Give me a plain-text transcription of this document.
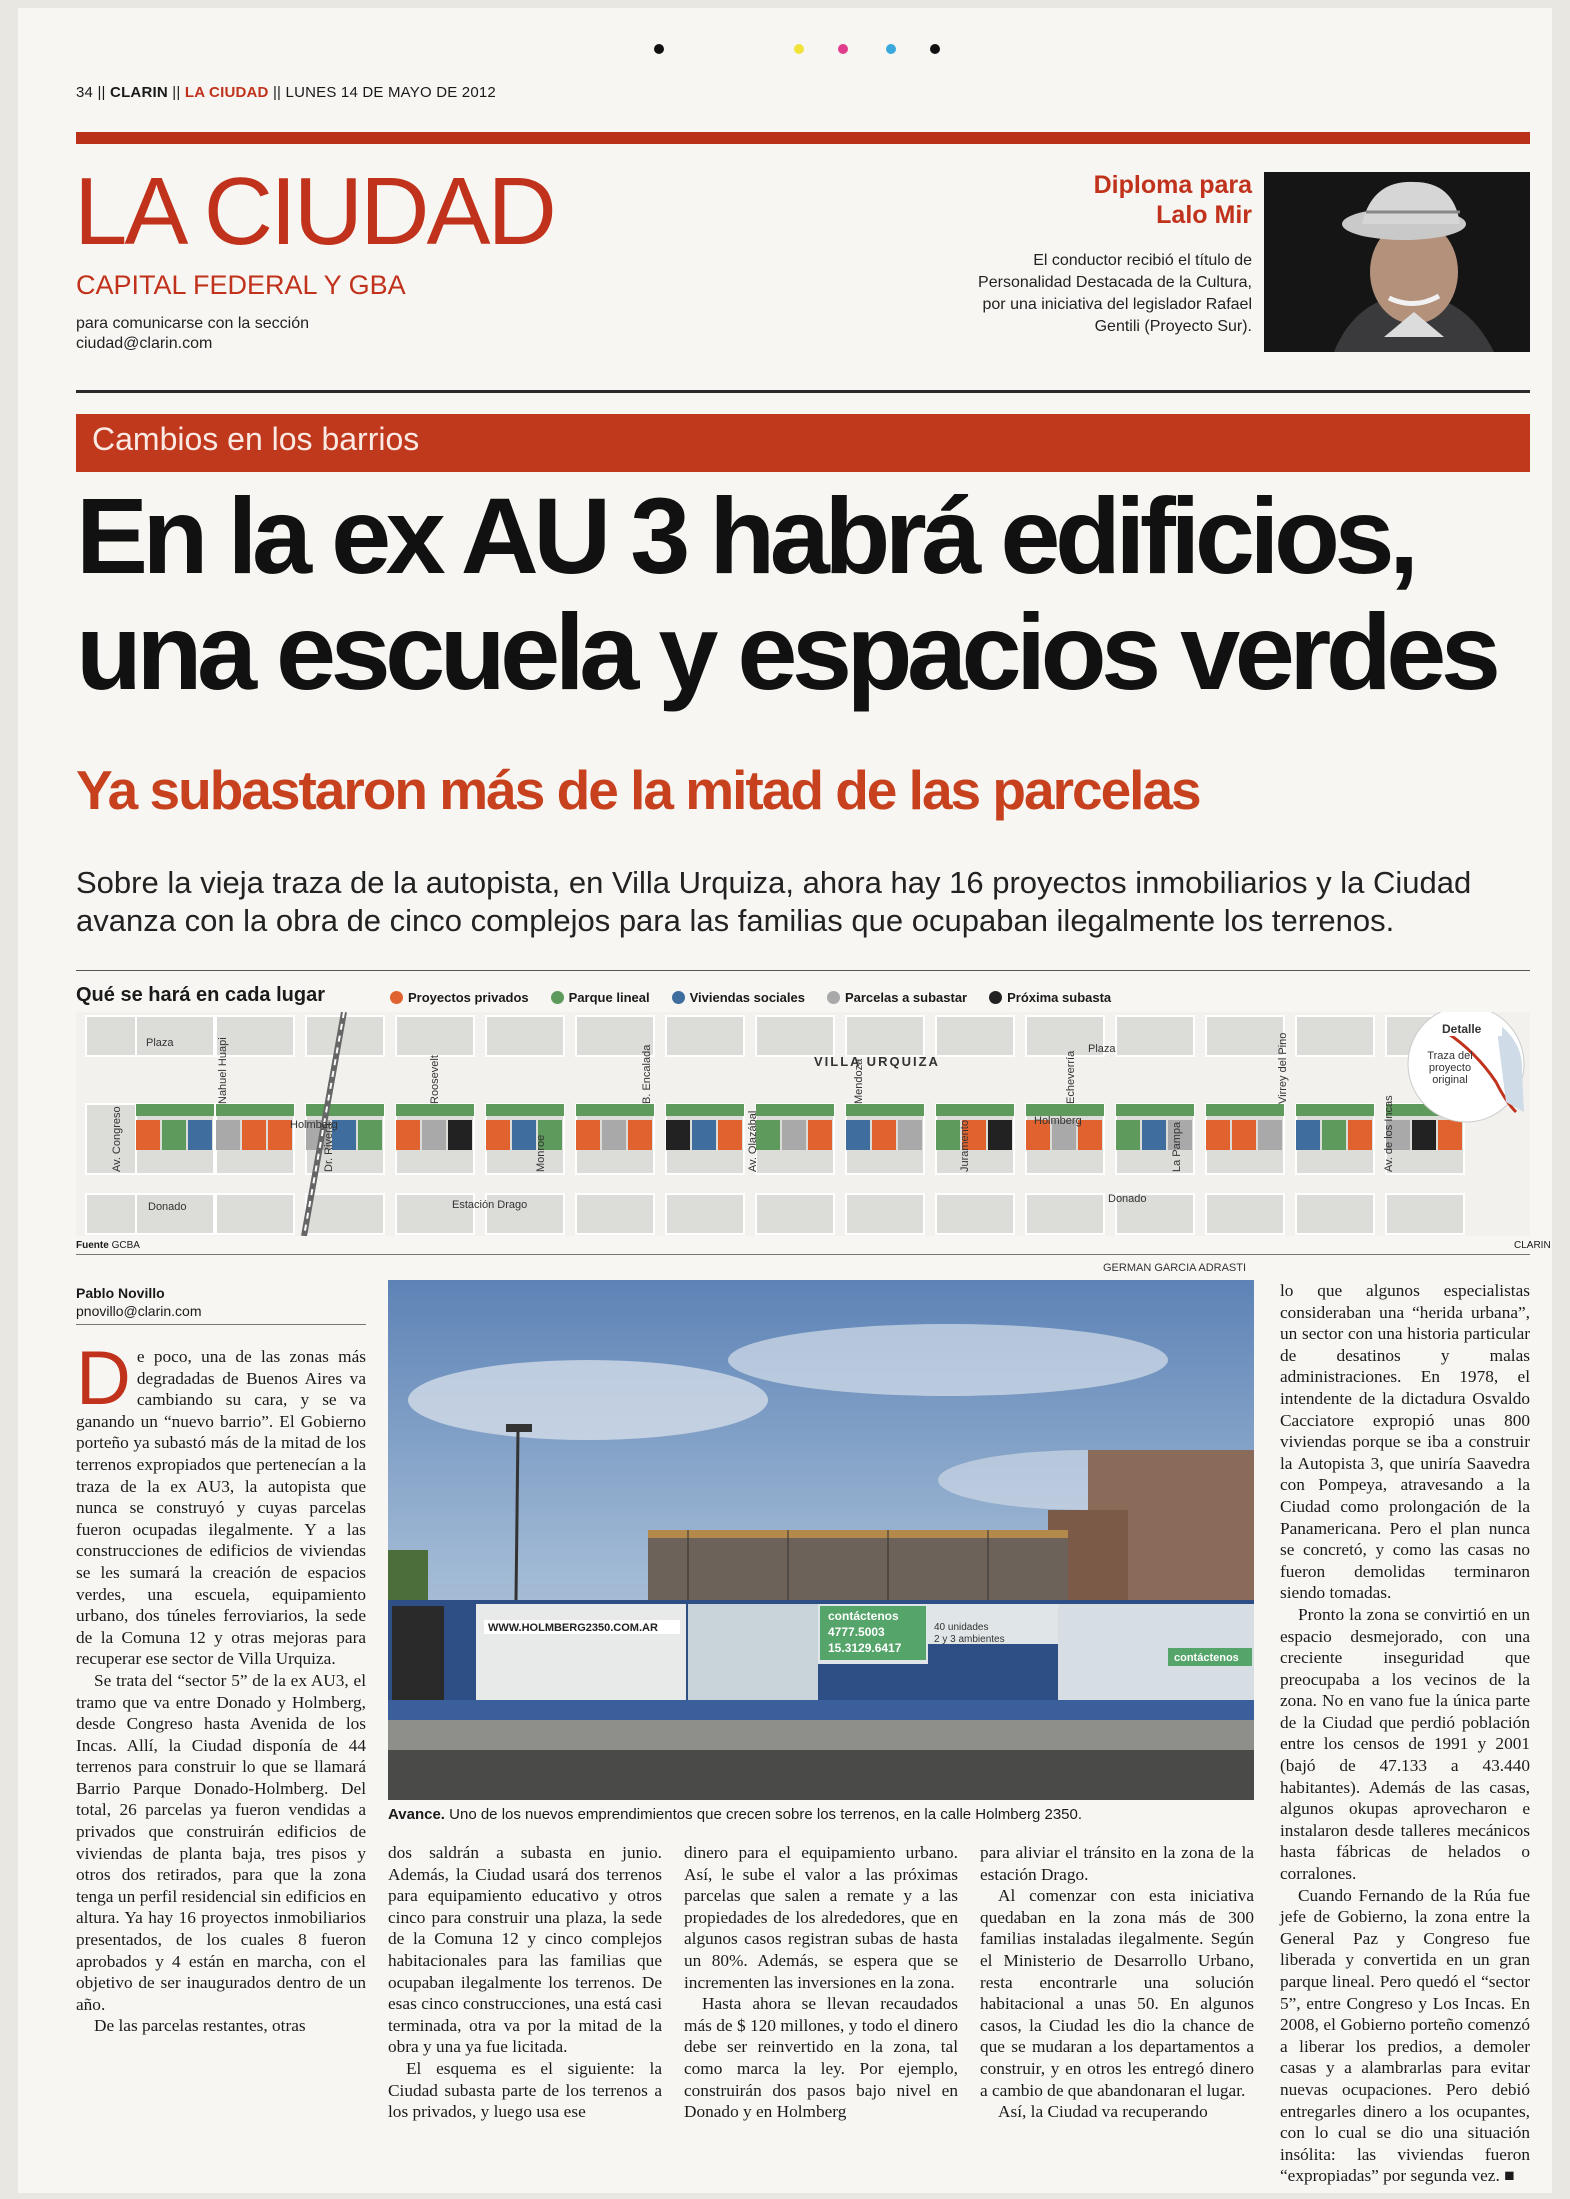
34 || CLARIN || LA CIUDAD || LUNES 14 DE MAYO DE 2012
LA CIUDAD
CAPITAL FEDERAL Y GBA
para comunicarse con la sección
ciudad@clarin.com
Diploma para
Lalo Mir
El conductor recibió el título de Personalidad Destacada de la Cultura, por una iniciativa del legislador Rafael Gentili (Proyecto Sur).
Cambios en los barrios
En la ex AU 3 habrá edificios,
una escuela y espacios verdes
Ya subastaron más de la mitad de las parcelas
Sobre la vieja traza de la autopista, en Villa Urquiza, ahora hay 16 proyectos inmobiliarios y la Ciudad
avanza con la obra de cinco complejos para las familias que ocupaban ilegalmente los terrenos.
Qué se hará en cada lugar	Proyectos privados	Parque lineal	Viviendas sociales	Parcelas a subastar	Próxima subasta
Plaza
Holmberg
Donado
Holmberg
Donado
Plaza
VILLA URQUIZA
Estación Drago
Av. Congreso
Nahuel Huapi
Dr. Rivera
Roosevelt
Monroe
B. Encalada
Av. Olazábal
Mendoza
Juramento
Echeverría
La Pampa
Virrey del Pino
Av. de los Incas
Detalle
Traza del proyecto original
Fuente GCBA	CLARIN
Pablo Novillo
pnovillo@clarin.com

De poco, una de las zonas más degradadas de Buenos Aires va cambiando su cara, y se va ganando un “nuevo barrio”. El Gobierno porteño ya subastó más de la mitad de los terrenos expropiados que pertenecían a la traza de la ex AU3, la autopista que nunca se construyó y cuyas parcelas fueron ocupadas ilegalmente. Y a las construcciones de edificios de viviendas se les sumará la creación de espacios verdes, una escuela, equipamiento urbano, dos túneles ferroviarios, la sede de la Comuna 12 y otras mejoras para recuperar ese sector de Villa Urquiza.

Se trata del “sector 5” de la ex AU3, el tramo que va entre Donado y Holmberg, desde Congreso hasta Avenida de los Incas. Allí, la Ciudad disponía de 44 terrenos para construir lo que se llamará Barrio Parque Donado-Holmberg. Del total, 26 parcelas ya fueron vendidas a privados que construirán edificios de viviendas de planta baja, tres pisos y otros dos retirados, para que la zona tenga un perfil residencial sin edificios en altura. Ya hay 16 proyectos inmobiliarios presentados, de los cuales 8 fueron aprobados y 4 están en marcha, con el objetivo de ser inaugurados dentro de un año.

De las parcelas restantes, otras

GERMAN GARCIA ADRASTI
WWW.HOLMBERG2350.COM.AR
contáctenos
4777.5003
15.3129.6417
40 unidades
2 y 3 ambientes
contáctenos
Avance. Uno de los nuevos emprendimientos que crecen sobre los terrenos, en la calle Holmberg 2350.

dos saldrán a subasta en junio. Además, la Ciudad usará dos terrenos para equipamiento educativo y otros cinco para construir una plaza, la sede de la Comuna 12 y cinco complejos habitacionales para las familias que ocupaban ilegalmente los terrenos. De esas cinco construcciones, una está casi terminada, otra va por la mitad de la obra y una ya fue licitada.

El esquema es el siguiente: la Ciudad subasta parte de los terrenos a los privados, y luego usa ese

dinero para el equipamiento urbano. Así, le sube el valor a las próximas parcelas que salen a remate y a las propiedades de los alrededores, que en algunos casos registran subas de hasta un 80%. Además, se espera que se incrementen las inversiones en la zona.

Hasta ahora se llevan recaudados más de $ 120 millones, y todo el dinero debe ser reinvertido en la zona, tal como marca la ley. Por ejemplo, construirán dos pasos bajo nivel en Donado y en Holmberg

para aliviar el tránsito en la zona de la estación Drago.

Al comenzar con esta iniciativa quedaban en la zona más de 300 familias instaladas ilegalmente. Según el Ministerio de Desarrollo Urbano, resta encontrarle una solución habitacional a unas 50. En algunos casos, la Ciudad les dio la chance de que se mudaran a los departamentos a construir, y en otros les entregó dinero a cambio de que abandonaran el lugar.

Así, la Ciudad va recuperando

lo que algunos especialistas consideraban una “herida urbana”, un sector con una historia particular de desatinos y malas administraciones. En 1978, el intendente de la dictadura Osvaldo Cacciatore expropió unas 800 viviendas porque se iba a construir la Autopista 3, que uniría Saavedra con Pompeya, atravesando a la Ciudad como prolongación de la Panamericana. Pero el plan nunca se concretó, y como las casas no fueron demolidas terminaron siendo tomadas.

Pronto la zona se convirtió en un espacio desmejorado, con una creciente inseguridad que preocupaba a los vecinos de la zona. No en vano fue la única parte de la Ciudad que perdió población entre los censos de 1991 y 2001 (bajó de 47.133 a 43.440 habitantes). Además de las casas, algunos okupas aprovecharon e instalaron desde talleres mecánicos hasta fábricas de helados o corralones.

Cuando Fernando de la Rúa fue jefe de Gobierno, la zona entre la General Paz y Congreso fue liberada y convertida en un gran parque lineal. Pero quedó el “sector 5”, entre Congreso y Los Incas. En 2008, el Gobierno porteño comenzó a liberar los predios, a demoler casas y a alambrarlas para evitar nuevas ocupaciones. Pero debió entregarles dinero a los ocupantes, con lo cual se dio una situación insólita: las viviendas fueron “expropiadas” por segunda vez. ■
